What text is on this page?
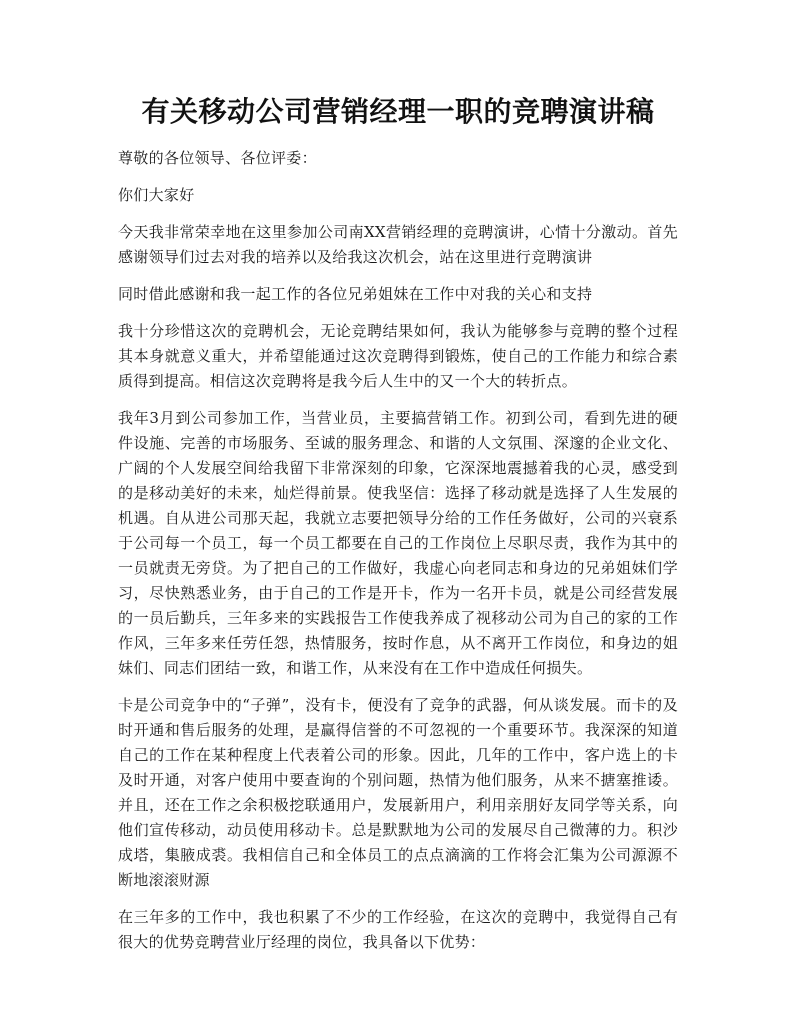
有关移动公司营销经理一职的竞聘演讲稿

尊敬的各位领导、各位评委：

你们大家好

今天我非常荣幸地在这里参加公司南XX营销经理的竞聘演讲，心情十分激动。首先感谢领导们过去对我的培养以及给我这次机会，站在这里进行竞聘演讲

同时借此感谢和我一起工作的各位兄弟姐妹在工作中对我的关心和支持

我十分珍惜这次的竞聘机会，无论竞聘结果如何，我认为能够参与竞聘的整个过程其本身就意义重大，并希望能通过这次竞聘得到锻炼，使自己的工作能力和综合素质得到提高。相信这次竞聘将是我今后人生中的又一个大的转折点。

我年3月到公司参加工作，当营业员，主要搞营销工作。初到公司，看到先进的硬件设施、完善的市场服务、至诚的服务理念、和谐的人文氛围、深邃的企业文化、广阔的个人发展空间给我留下非常深刻的印象，它深深地震撼着我的心灵，感受到的是移动美好的未来，灿烂得前景。使我坚信：选择了移动就是选择了人生发展的机遇。自从进公司那天起，我就立志要把领导分给的工作任务做好，公司的兴衰系于公司每一个员工，每一个员工都要在自己的工作岗位上尽职尽责，我作为其中的一员就责无旁贷。为了把自己的工作做好，我虚心向老同志和身边的兄弟姐妹们学习，尽快熟悉业务，由于自己的工作是开卡，作为一名开卡员，就是公司经营发展的一员后勤兵，三年多来的实践报告工作使我养成了视移动公司为自己的家的工作作风，三年多来任劳任怨，热情服务，按时作息，从不离开工作岗位，和身边的姐妹们、同志们团结一致，和谐工作，从来没有在工作中造成任何损失。

卡是公司竞争中的“子弹”，没有卡，便没有了竞争的武器，何从谈发展。而卡的及时开通和售后服务的处理，是赢得信誉的不可忽视的一个重要环节。我深深的知道自己的工作在某种程度上代表着公司的形象。因此，几年的工作中，客户选上的卡及时开通，对客户使用中要查询的个别问题，热情为他们服务，从来不搪塞推诿。并且，还在工作之余积极挖联通用户，发展新用户，利用亲朋好友同学等关系，向他们宣传移动，动员使用移动卡。总是默默地为公司的发展尽自己微薄的力。积沙成塔，集腋成裘。我相信自己和全体员工的点点滴滴的工作将会汇集为公司源源不断地滚滚财源

在三年多的工作中，我也积累了不少的工作经验，在这次的竞聘中，我觉得自己有很大的优势竞聘营业厅经理的岗位，我具备以下优势：
